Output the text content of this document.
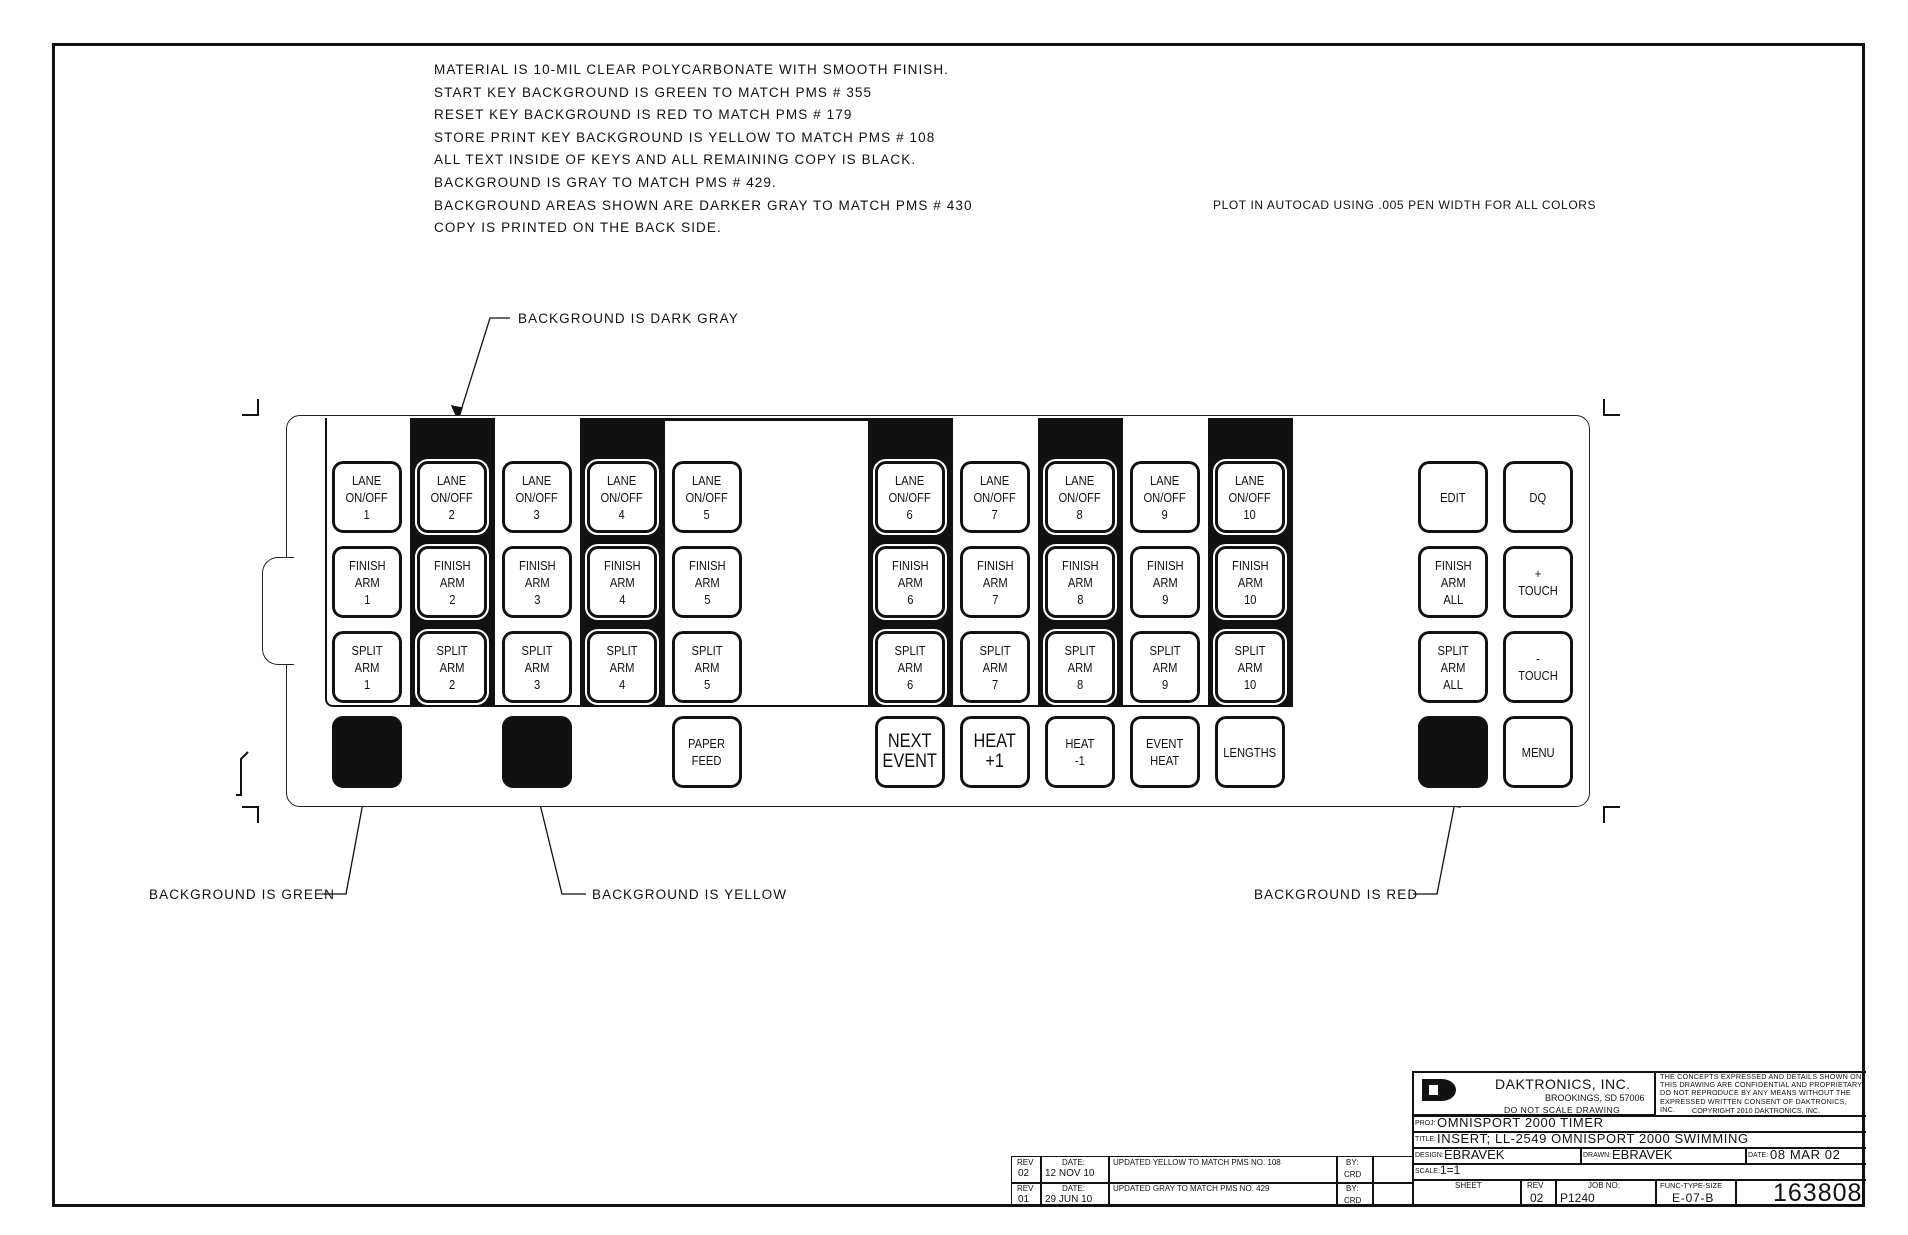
MATERIAL IS 10-MIL CLEAR POLYCARBONATE WITH SMOOTH FINISH.
START KEY BACKGROUND IS GREEN TO MATCH PMS # 355
RESET KEY BACKGROUND IS RED TO MATCH PMS # 179
STORE PRINT KEY BACKGROUND IS YELLOW TO MATCH PMS # 108
ALL TEXT INSIDE OF KEYS AND ALL REMAINING COPY IS BLACK.
BACKGROUND IS GRAY TO MATCH PMS # 429.
BACKGROUND AREAS SHOWN ARE DARKER GRAY TO MATCH PMS # 430
COPY IS PRINTED ON THE BACK SIDE.
PLOT IN AUTOCAD USING .005 PEN WIDTH FOR ALL COLORS
BACKGROUND IS DARK GRAY
BACKGROUND IS GREEN	BACKGROUND IS YELLOW	BACKGROUND IS RED
LANE
ON/OFF
1
LANE
ON/OFF
2
LANE
ON/OFF
3
LANE
ON/OFF
4
LANE
ON/OFF
5
LANE
ON/OFF
6
LANE
ON/OFF
7
LANE
ON/OFF
8
LANE
ON/OFF
9
LANE
ON/OFF
10
FINISH
ARM
1
FINISH
ARM
2
FINISH
ARM
3
FINISH
ARM
4
FINISH
ARM
5
FINISH
ARM
6
FINISH
ARM
7
FINISH
ARM
8
FINISH
ARM
9
FINISH
ARM
10
SPLIT
ARM
1
SPLIT
ARM
2
SPLIT
ARM
3
SPLIT
ARM
4
SPLIT
ARM
5
SPLIT
ARM
6
SPLIT
ARM
7
SPLIT
ARM
8
SPLIT
ARM
9
SPLIT
ARM
10
PAPER
FEED
NEXT
EVENT
HEAT
+1
HEAT
-1
EVENT
HEAT
LENGTHS
EDIT	DQ
FINISH
ARM
ALL
+
TOUCH
SPLIT
ARM
ALL
-
TOUCH
MENU
DAKTRONICS, INC.
BROOKINGS, SD 57006
DO NOT SCALE DRAWING
THE CONCEPTS EXPRESSED AND DETAILS SHOWN ON THIS DRAWING ARE CONFIDENTIAL AND PROPRIETARY. DO NOT REPRODUCE BY ANY MEANS WITHOUT THE EXPRESSED WRITTEN CONSENT OF DAKTRONICS, INC.	COPYRIGHT 2010 DAKTRONICS, INC.
PROJ: OMNISPORT 2000 TIMER
TITLE: INSERT; LL-2549 OMNISPORT 2000 SWIMMING
DESIGN: EBRAVEK	DRAWN: EBRAVEK	DATE: 08 MAR 02
SCALE: 1=1
SHEET	REV
02
JOB NO:
P1240
FUNC-TYPE-SIZE
E-07-B 163808
REV
02
DATE:
12 NOV 10
UPDATED YELLOW TO MATCH PMS NO. 108	BY:
CRD
REV
01
DATE:
29 JUN 10
UPDATED GRAY TO MATCH PMS NO. 429	BY:
CRD
